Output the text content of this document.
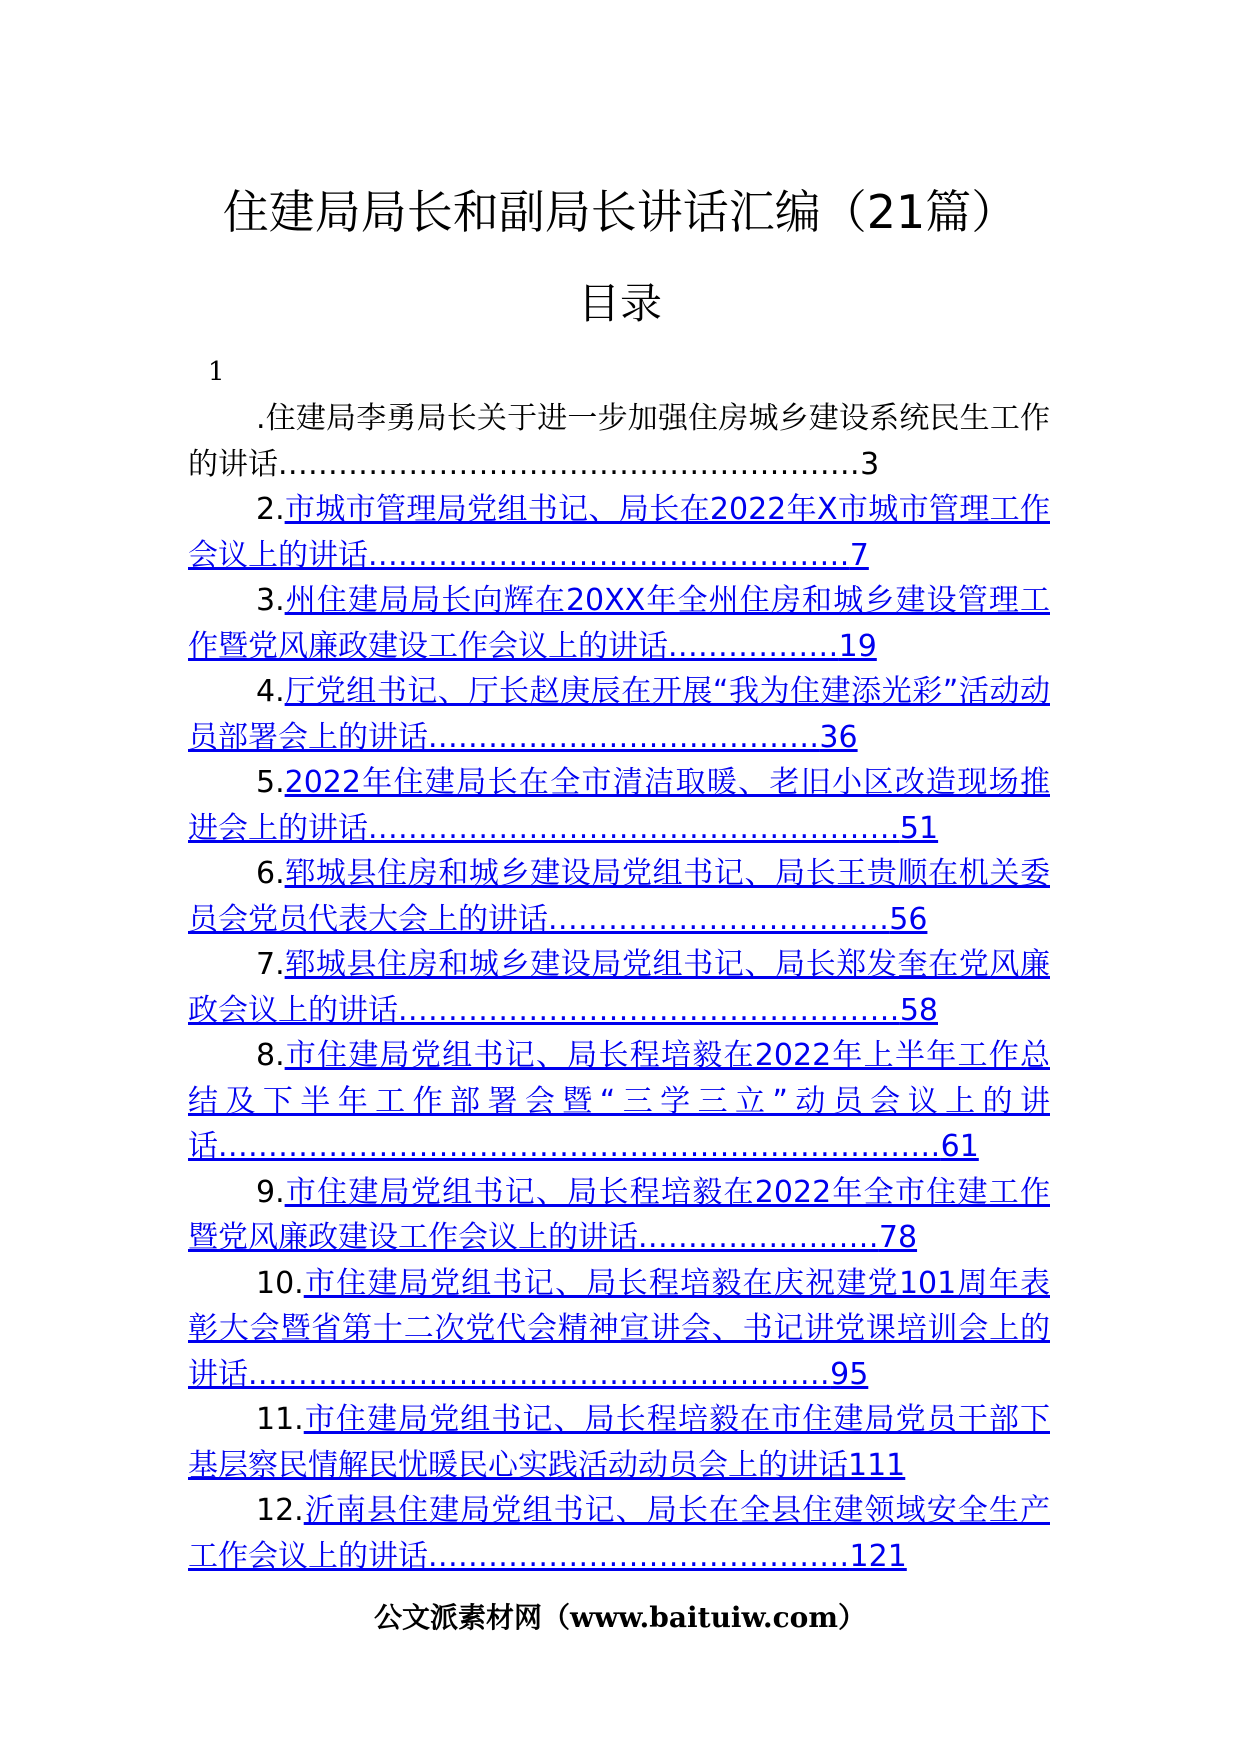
住建局局长和副局长讲话汇编（21篇）
目录
1

.住建局李勇局长关于进一步加强住房城乡建设系统民生工作的讲话..........................................................3

2.市城市管理局党组书记、局长在2022年X市城市管理工作会议上的讲话................................................7

3.州住建局局长向辉在20XX年全州住房和城乡建设管理工作暨党风廉政建设工作会议上的讲话.................19

4.厅党组书记、厅长赵庚辰在开展“我为住建添光彩”活动动员部署会上的讲话.......................................36

5.2022年住建局长在全市清洁取暖、老旧小区改造现场推进会上的讲话.....................................................51

6.郓城县住房和城乡建设局党组书记、局长王贵顺在机关委员会党员代表大会上的讲话..................................56

7.郓城县住房和城乡建设局党组书记、局长郑发奎在党风廉政会议上的讲话..................................................58

8.市住建局党组书记、局长程培毅在2022年上半年工作总结及下半年工作部署会暨“三学三立”动员会议上的讲话........................................................................61

9.市住建局党组书记、局长程培毅在2022年全市住建工作暨党风廉政建设工作会议上的讲话........................78

10.市住建局党组书记、局长程培毅在庆祝建党101周年表彰大会暨省第十二次党代会精神宣讲会、书记讲党课培训会上的讲话..........................................................95

11.市住建局党组书记、局长程培毅在市住建局党员干部下基层察民情解民忧暖民心实践活动动员会上的讲话111

12.沂南县住建局党组书记、局长在全县住建领域安全生产工作会议上的讲话..........................................121

公文派素材网（www.baituiw.com）
